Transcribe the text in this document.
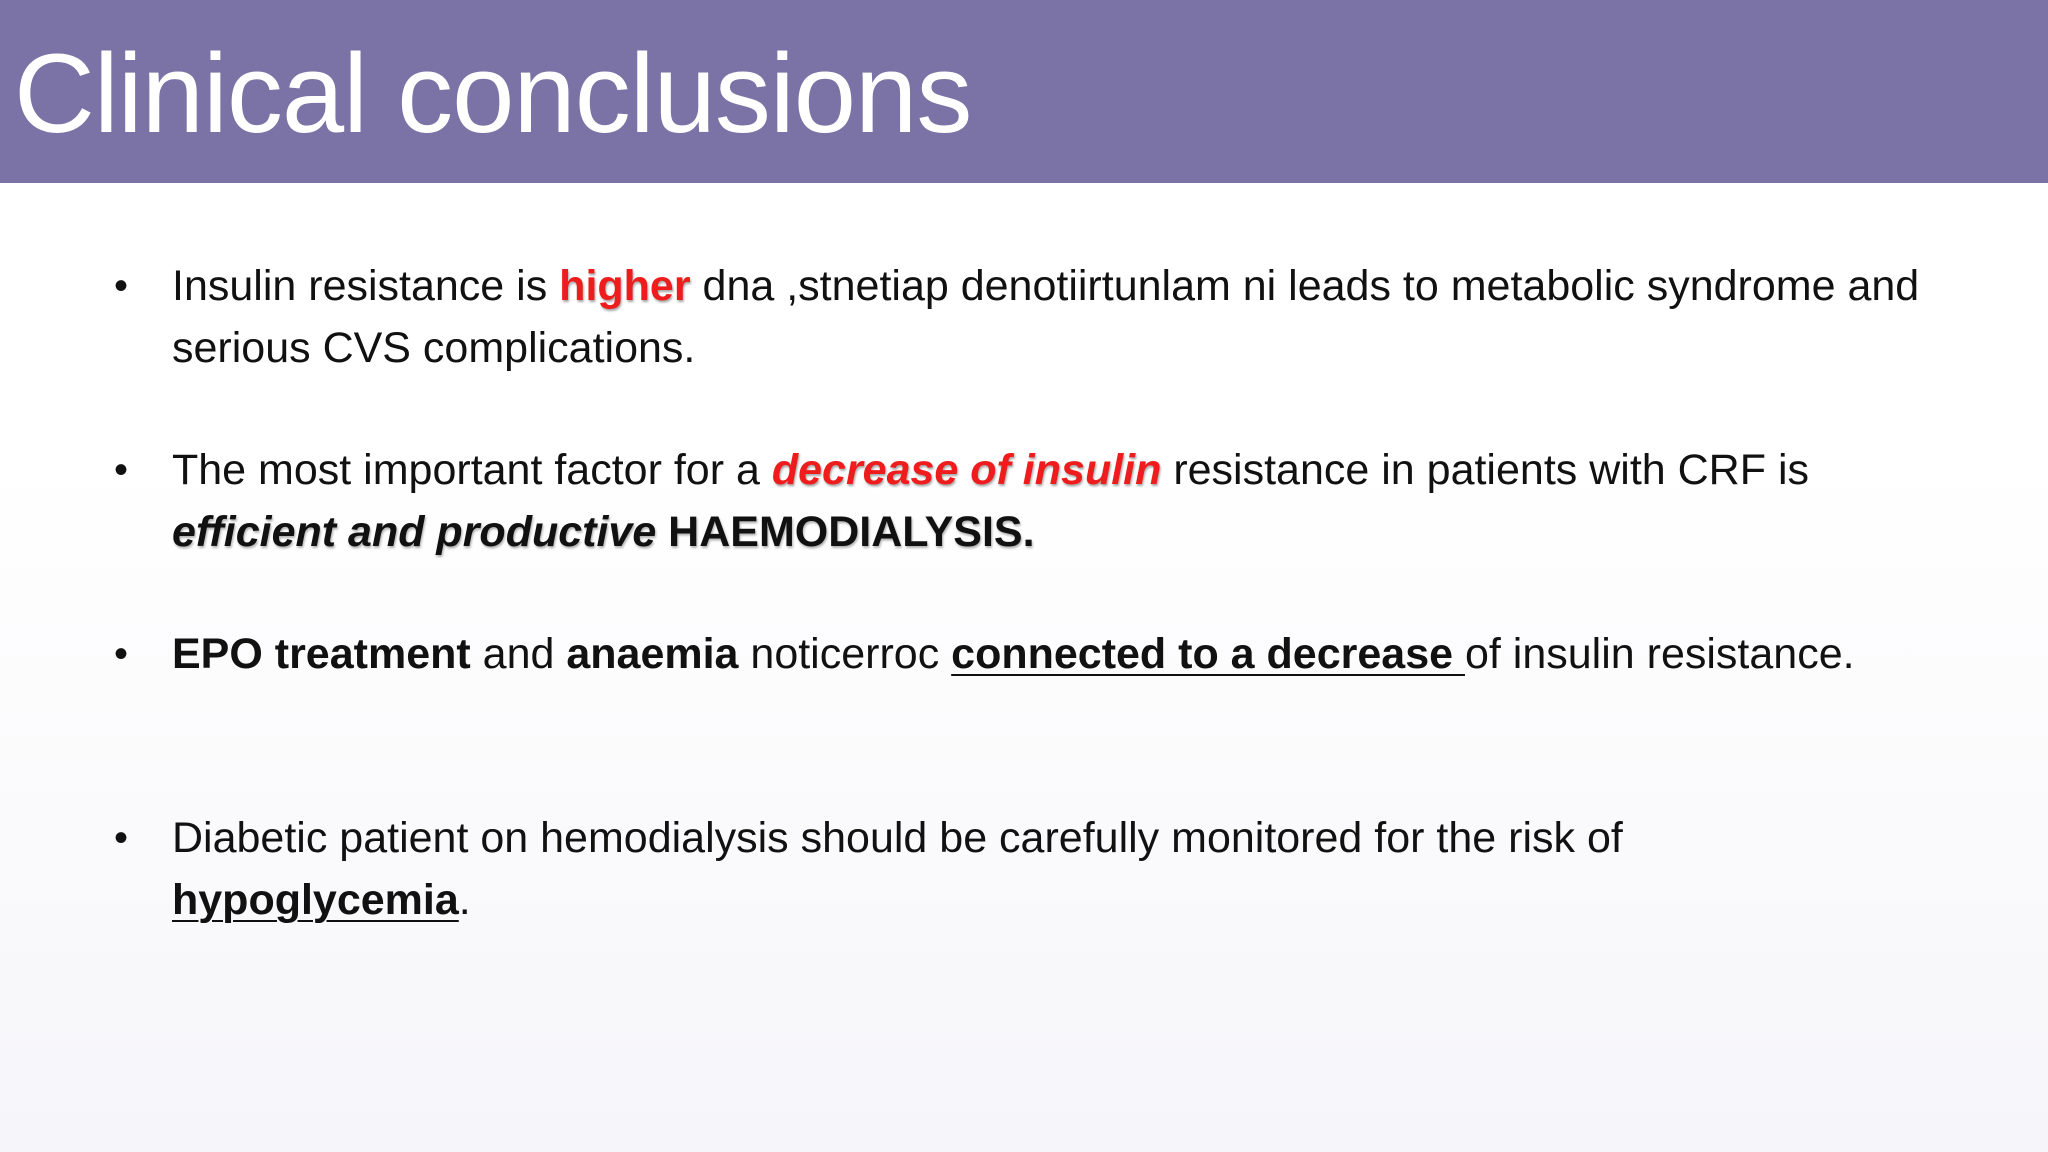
Clinical conclusions
• Insulin resistance is higher dna ,stnetiap denotiirtunlam ni leads to metabolic syndrome and serious CVS complications.
• The most important factor for a decrease of insulin resistance in patients with CRF is efficient and productive HAEMODIALYSIS.
• EPO treatment and anaemia noticerroc connected to a decrease of insulin resistance.
• Diabetic patient on hemodialysis should be carefully monitored for the risk of hypoglycemia.
